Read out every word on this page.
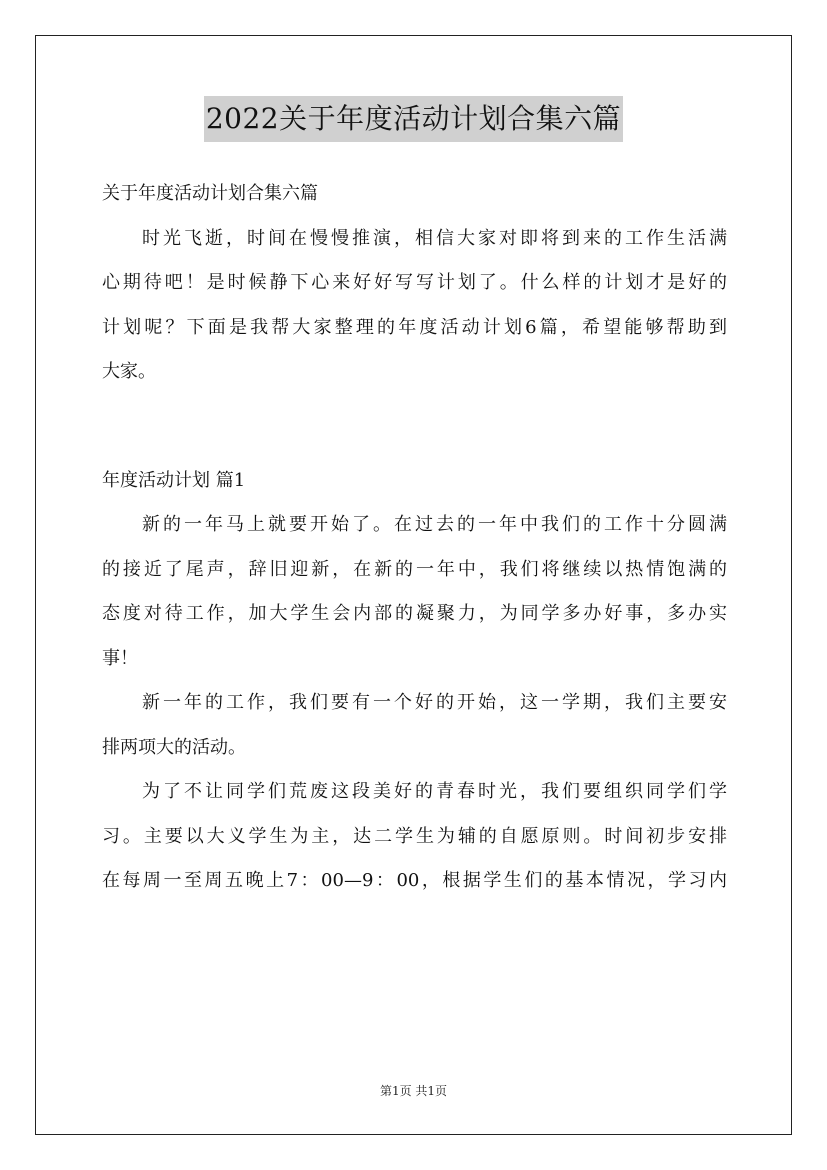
2022关于年度活动计划合集六篇
关于年度活动计划合集六篇
时光飞逝，时间在慢慢推演，相信大家对即将到来的工作生活满
心期待吧！是时候静下心来好好写写计划了。什么样的计划才是好的
计划呢？下面是我帮大家整理的年度活动计划6篇，希望能够帮助到
大家。
年度活动计划 篇1
新的一年马上就要开始了。在过去的一年中我们的工作十分圆满
的接近了尾声，辞旧迎新，在新的一年中，我们将继续以热情饱满的
态度对待工作，加大学生会内部的凝聚力，为同学多办好事，多办实
事！
新一年的工作，我们要有一个好的开始，这一学期，我们主要安
排两项大的活动。
为了不让同学们荒废这段美好的青春时光，我们要组织同学们学
习。主要以大义学生为主，达二学生为辅的自愿原则。时间初步安排
在每周一至周五晚上7：00—9：00，根据学生们的基本情况，学习内
第1页 共1页
